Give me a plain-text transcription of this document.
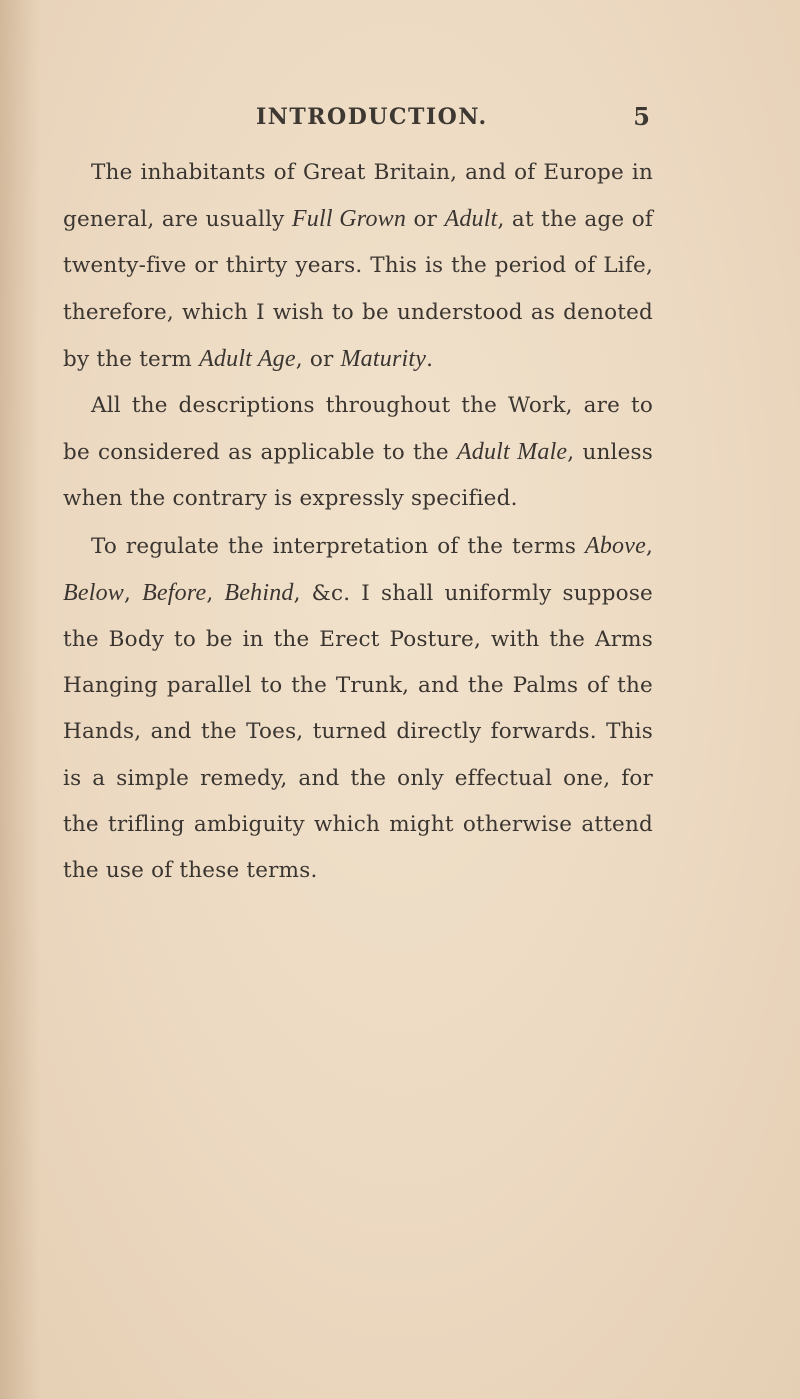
INTRODUCTION.	5

The inhabitants of Great Britain, and of Europe in general, are usually Full Grown or Adult, at the age of twenty-five or thirty years. This is the period of Life, therefore, which I wish to be understood as denoted by the term Adult Age, or Maturity.

All the descriptions throughout the Work, are to be considered as applicable to the Adult Male, unless when the contrary is expressly specified.

To regulate the interpretation of the terms Above, Below, Before, Behind, &c. I shall uniformly suppose the Body to be in the Erect Posture, with the Arms Hanging parallel to the Trunk, and the Palms of the Hands, and the Toes, turned directly forwards. This is a simple remedy, and the only effectual one, for the trifling ambiguity which might otherwise attend the use of these terms.
